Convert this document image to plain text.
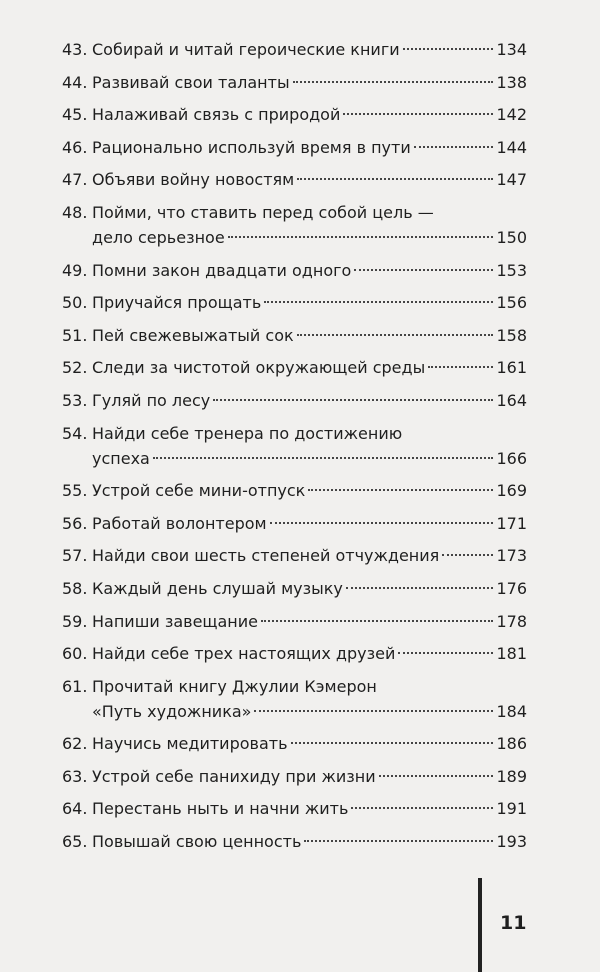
43. Собирай и читай героические книги	134
44. Развивай свои таланты	138
45. Налаживай связь с природой	142
46. Рационально используй время в пути	144
47. Объяви войну новостям	147
48. Пойми, что ставить перед собой цель —
дело серьезное	150
49. Помни закон двадцати одного	153
50. Приучайся прощать	156
51. Пей свежевыжатый сок	158
52. Следи за чистотой окружающей среды	161
53. Гуляй по лесу	164
54. Найди себе тренера по достижению
успеха	166
55. Устрой себе мини-отпуск	169
56. Работай волонтером	171
57. Найди свои шесть степеней отчуждения	173
58. Каждый день слушай музыку	176
59. Напиши завещание	178
60. Найди себе трех настоящих друзей	181
61. Прочитай книгу Джулии Кэмерон
«Путь художника»	184
62. Научись медитировать	186
63. Устрой себе панихиду при жизни	189
64. Перестань ныть и начни жить	191
65. Повышай свою ценность	193
11
